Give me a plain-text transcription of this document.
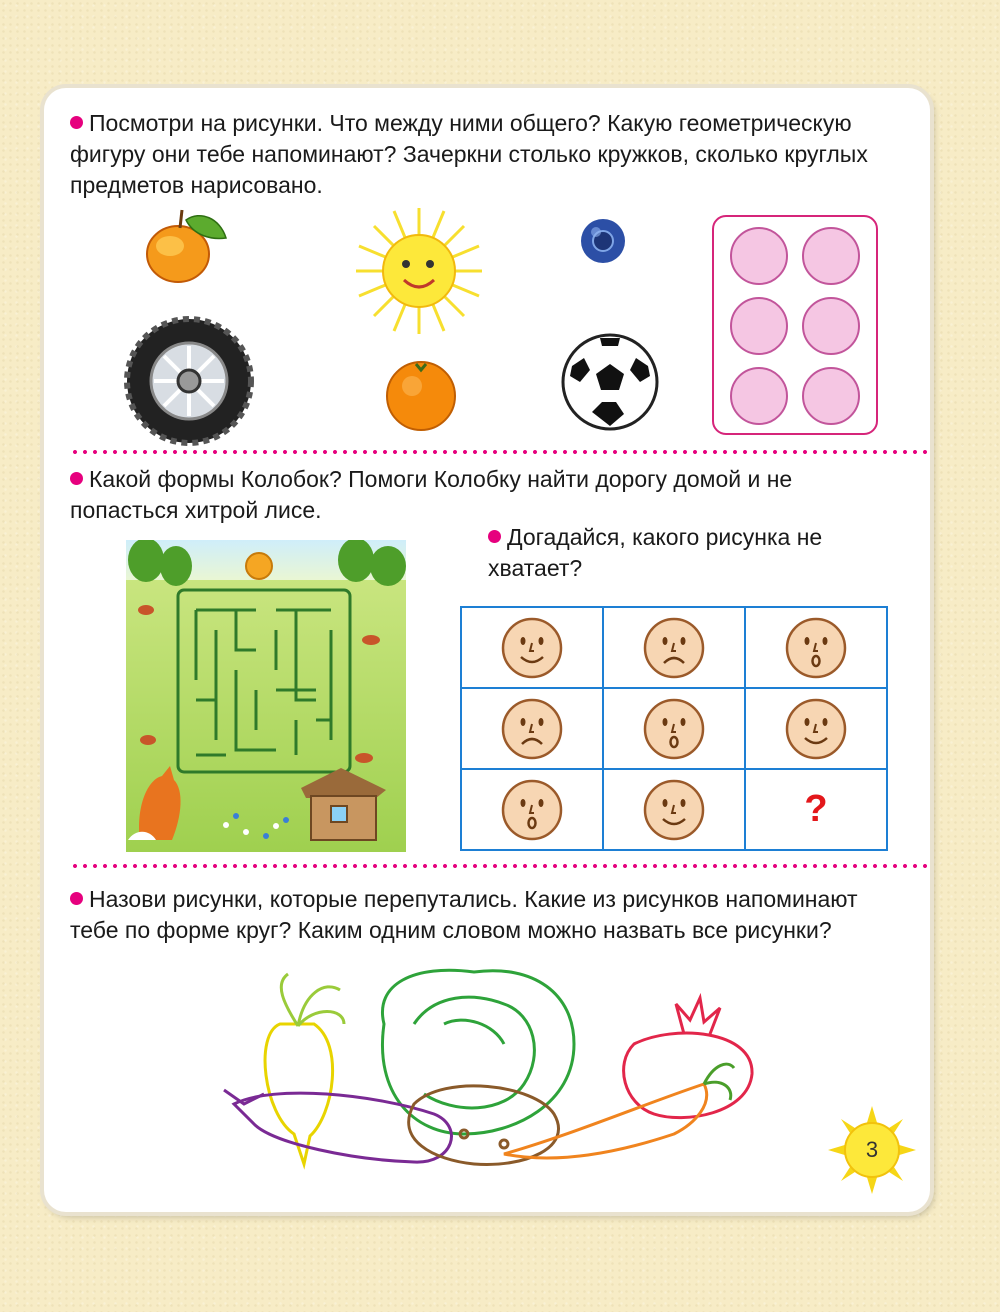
Посмотри на рисунки. Что между ними общего? Какую геометрическую фигуру они тебе напоминают? Зачеркни столько кружков, сколько круглых предметов нарисовано.

Какой формы Колобок? Помоги Колобку найти дорогу домой и не попасться хитрой лисе.

Догадайся, какого рисунка не хватает?

		?

Назови рисунки, которые перепутались. Какие из рисунков напоминают тебе по форме круг? Каким одним словом можно назвать все рисунки?

3
